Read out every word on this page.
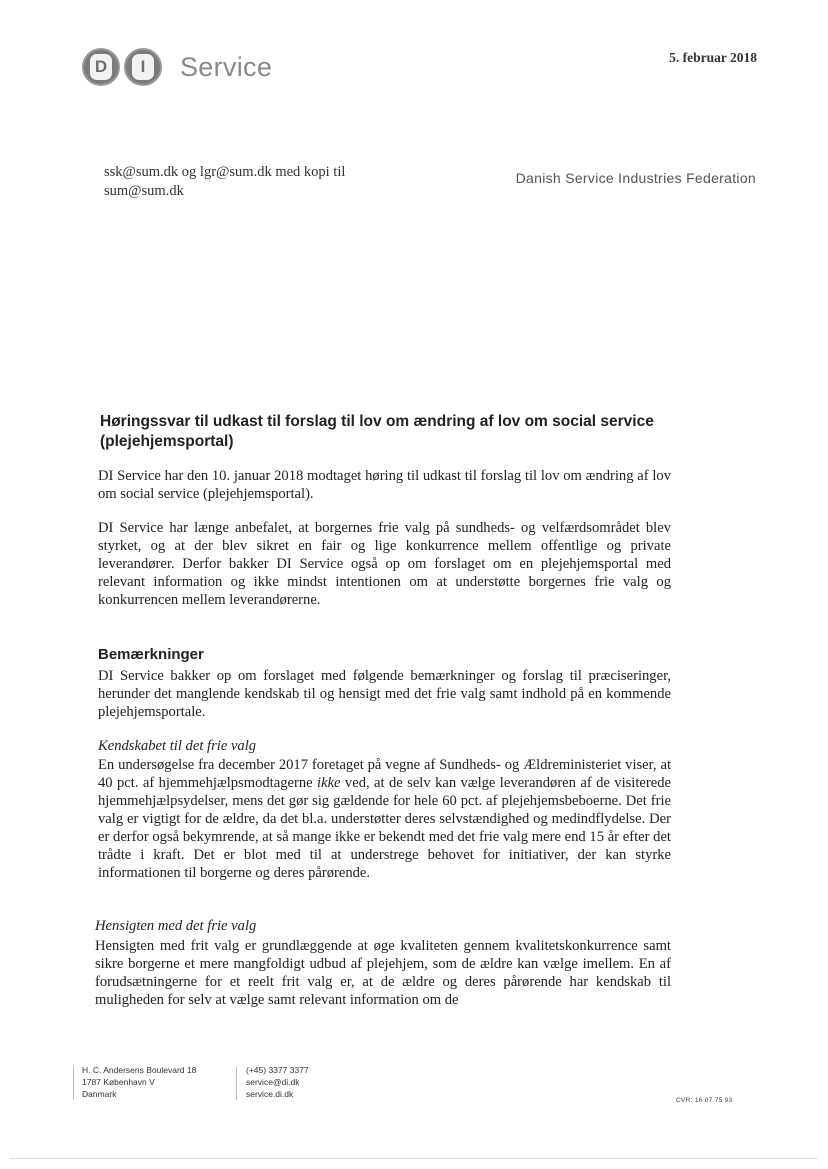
D	I	Service	5. februar 2018
ssk@sum.dk og lgr@sum.dk med kopi til
sum@sum.dk
Danish Service Industries Federation
Høringssvar til udkast til forslag til lov om ændring af lov om social service (plejehjemsportal)
DI Service har den 10. januar 2018 modtaget høring til udkast til forslag til lov om ændring af lov om social service (plejehjemsportal).
DI Service har længe anbefalet, at borgernes frie valg på sundheds- og velfærdsområdet blev styrket, og at der blev sikret en fair og lige konkurrence mellem offentlige og private leverandører. Derfor bakker DI Service også op om forslaget om en plejehjemsportal med relevant information og ikke mindst intentionen om at understøtte borgernes frie valg og konkurrencen mellem leverandørerne.
Bemærkninger
DI Service bakker op om forslaget med følgende bemærkninger og forslag til præciseringer, herunder det manglende kendskab til og hensigt med det frie valg samt indhold på en kommende plejehjemsportale.
Kendskabet til det frie valg
En undersøgelse fra december 2017 foretaget på vegne af Sundheds- og Ældreministeriet viser, at 40 pct. af hjemmehjælpsmodtagerne ikke ved, at de selv kan vælge leverandøren af de visiterede hjemmehjælpsydelser, mens det gør sig gældende for hele 60 pct. af plejehjemsbeboerne. Det frie valg er vigtigt for de ældre, da det bl.a. understøtter deres selvstændighed og medindflydelse. Der er derfor også bekymrende, at så mange ikke er bekendt med det frie valg mere end 15 år efter det trådte i kraft. Det er blot med til at understrege behovet for initiativer, der kan styrke informationen til borgerne og deres pårørende.
Hensigten med det frie valg
Hensigten med frit valg er grundlæggende at øge kvaliteten gennem kvalitetskonkurrence samt sikre borgerne et mere mangfoldigt udbud af plejehjem, som de ældre kan vælge imellem. En af forudsætningerne for et reelt frit valg er, at de ældre og deres pårørende har kendskab til muligheden for selv at vælge samt relevant information om de
H. C. Andersens Boulevard 18
1787 København V
Danmark
(+45) 3377 3377
service@di.dk
service.di.dk
CVR: 16 07 75 93
